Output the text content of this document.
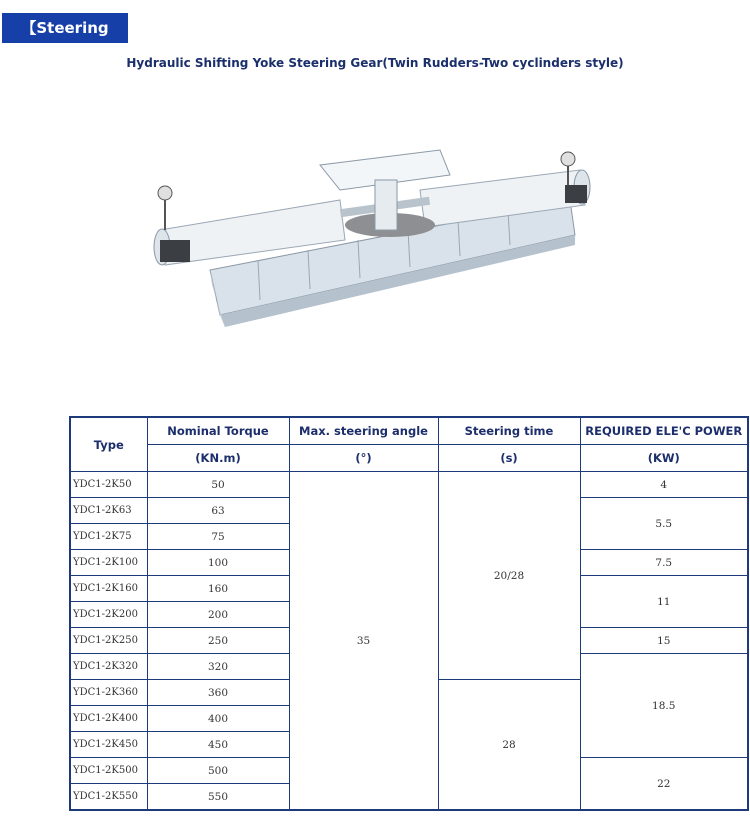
【Steering gear】	Hydraulic Shifting Yoke Steering Gear(Twin Rudders-Two cyclinders style)
Type	Nominal Torque	Max. steering angle	Steering time	REQUIRED ELE'C POWER
	(KN.m)	(°)	(s)	(KW)
YDC1-2K50	50	35	20/28	4
YDC1-2K63	63			5.5
YDC1-2K75	75			
YDC1-2K100	100			7.5
YDC1-2K160	160			11
YDC1-2K200	200			
YDC1-2K250	250			15
YDC1-2K320	320			18.5
YDC1-2K360	360		28	
YDC1-2K400	400			
YDC1-2K450	450			
YDC1-2K500	500			22
YDC1-2K550	550			
